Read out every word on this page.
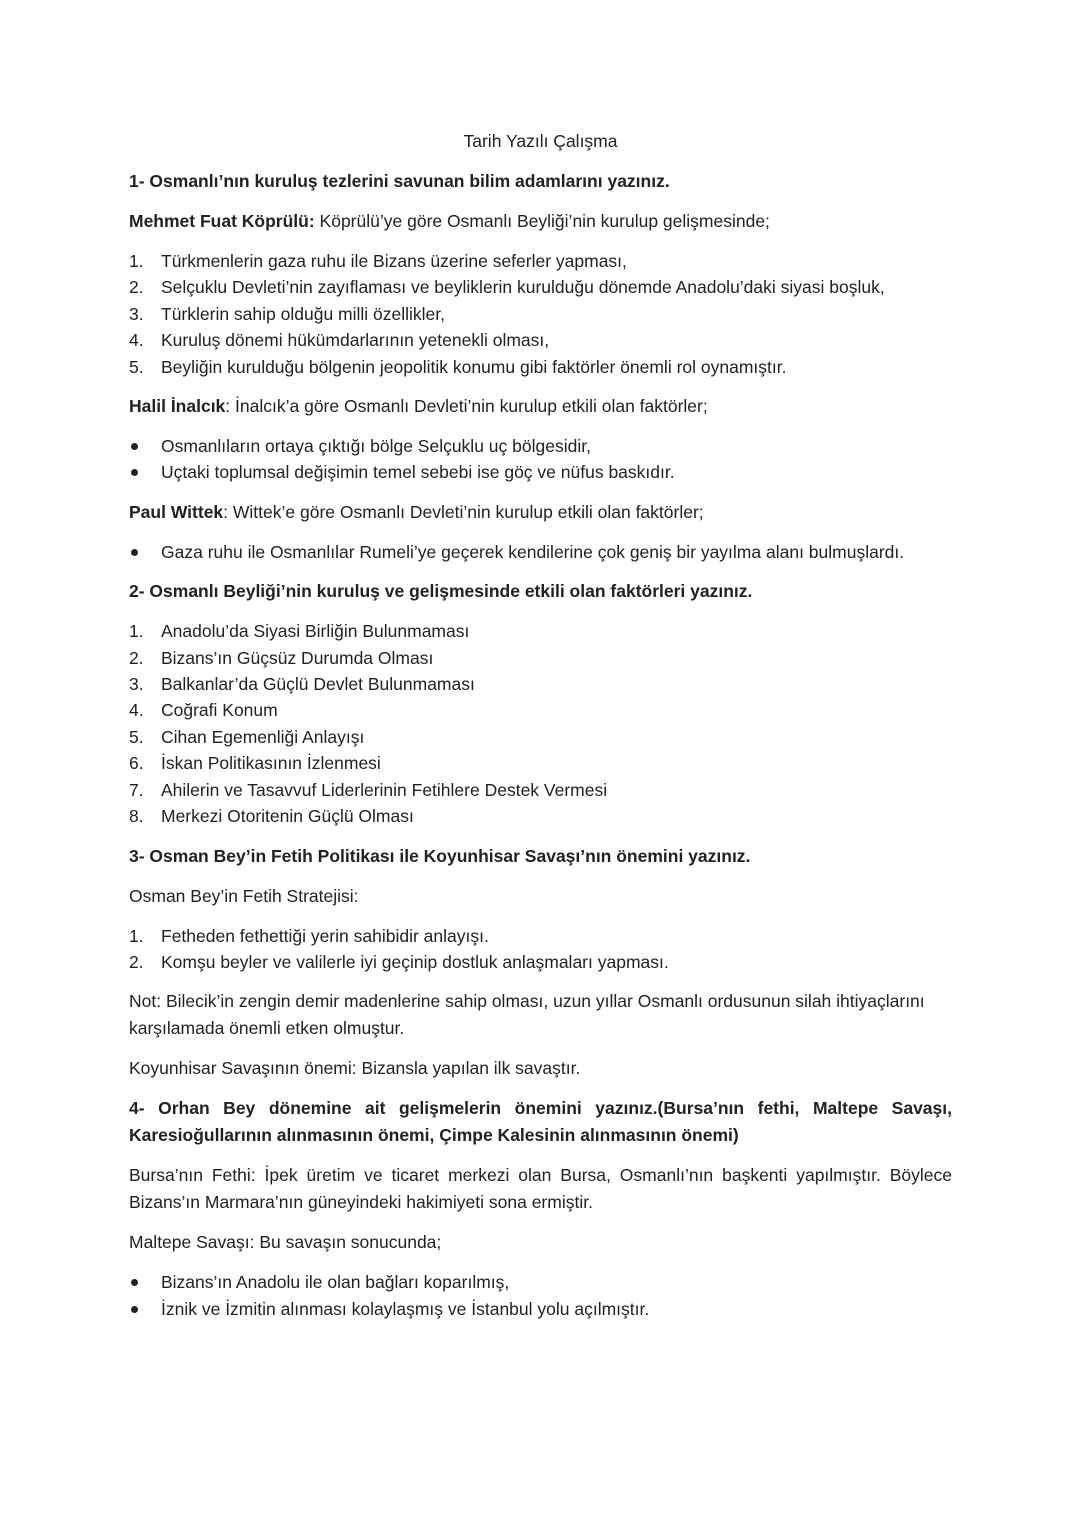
Tarih Yazılı Çalışma
1- Osmanlı’nın kuruluş tezlerini savunan bilim adamlarını yazınız.

Mehmet Fuat Köprülü: Köprülü’ye göre Osmanlı Beyliği’nin kurulup gelişmesinde;

1. Türkmenlerin gaza ruhu ile Bizans üzerine seferler yapması,
2. Selçuklu Devleti’nin zayıflaması ve beyliklerin kurulduğu dönemde Anadolu’daki siyasi boşluk,
3. Türklerin sahip olduğu milli özellikler,
4. Kuruluş dönemi hükümdarlarının yetenekli olması,
5. Beyliğin kurulduğu bölgenin jeopolitik konumu gibi faktörler önemli rol oynamıştır.

Halil İnalcık: İnalcık’a göre Osmanlı Devleti’nin kurulup etkili olan faktörler;

Osmanlıların ortaya çıktığı bölge Selçuklu uç bölgesidir,
Uçtaki toplumsal değişimin temel sebebi ise göç ve nüfus baskıdır.

Paul Wittek: Wittek’e göre Osmanlı Devleti’nin kurulup etkili olan faktörler;

Gaza ruhu ile Osmanlılar Rumeli’ye geçerek kendilerine çok geniş bir yayılma alanı bulmuşlardı.
2- Osmanlı Beyliği’nin kuruluş ve gelişmesinde etkili olan faktörleri yazınız.
1. Anadolu’da Siyasi Birliğin Bulunmaması
2. Bizans’ın Güçsüz Durumda Olması
3. Balkanlar’da Güçlü Devlet Bulunmaması
4. Coğrafi Konum
5. Cihan Egemenliği Anlayışı
6. İskan Politikasının İzlenmesi
7. Ahilerin ve Tasavvuf Liderlerinin Fetihlere Destek Vermesi
8. Merkezi Otoritenin Güçlü Olması
3- Osman Bey’in Fetih Politikası ile Koyunhisar Savaşı’nın önemini yazınız.

Osman Bey’in Fetih Stratejisi:

1. Fetheden fethettiği yerin sahibidir anlayışı.
2. Komşu beyler ve valilerle iyi geçinip dostluk anlaşmaları yapması.

Not: Bilecik’in zengin demir madenlerine sahip olması, uzun yıllar Osmanlı ordusunun silah ihtiyaçlarını karşılamada önemli etken olmuştur.

Koyunhisar Savaşının önemi: Bizansla yapılan ilk savaştır.

4- Orhan Bey dönemine ait gelişmelerin önemini yazınız.(Bursa’nın fethi, Maltepe Savaşı, Karesioğullarının alınmasının önemi, Çimpe Kalesinin alınmasının önemi)

Bursa’nın Fethi: İpek üretim ve ticaret merkezi olan Bursa, Osmanlı’nın başkenti yapılmıştır. Böylece Bizans’ın Marmara’nın güneyindeki hakimiyeti sona ermiştir.

Maltepe Savaşı: Bu savaşın sonucunda;

Bizans’ın Anadolu ile olan bağları koparılmış,
İznik ve İzmitin alınması kolaylaşmış ve İstanbul yolu açılmıştır.
